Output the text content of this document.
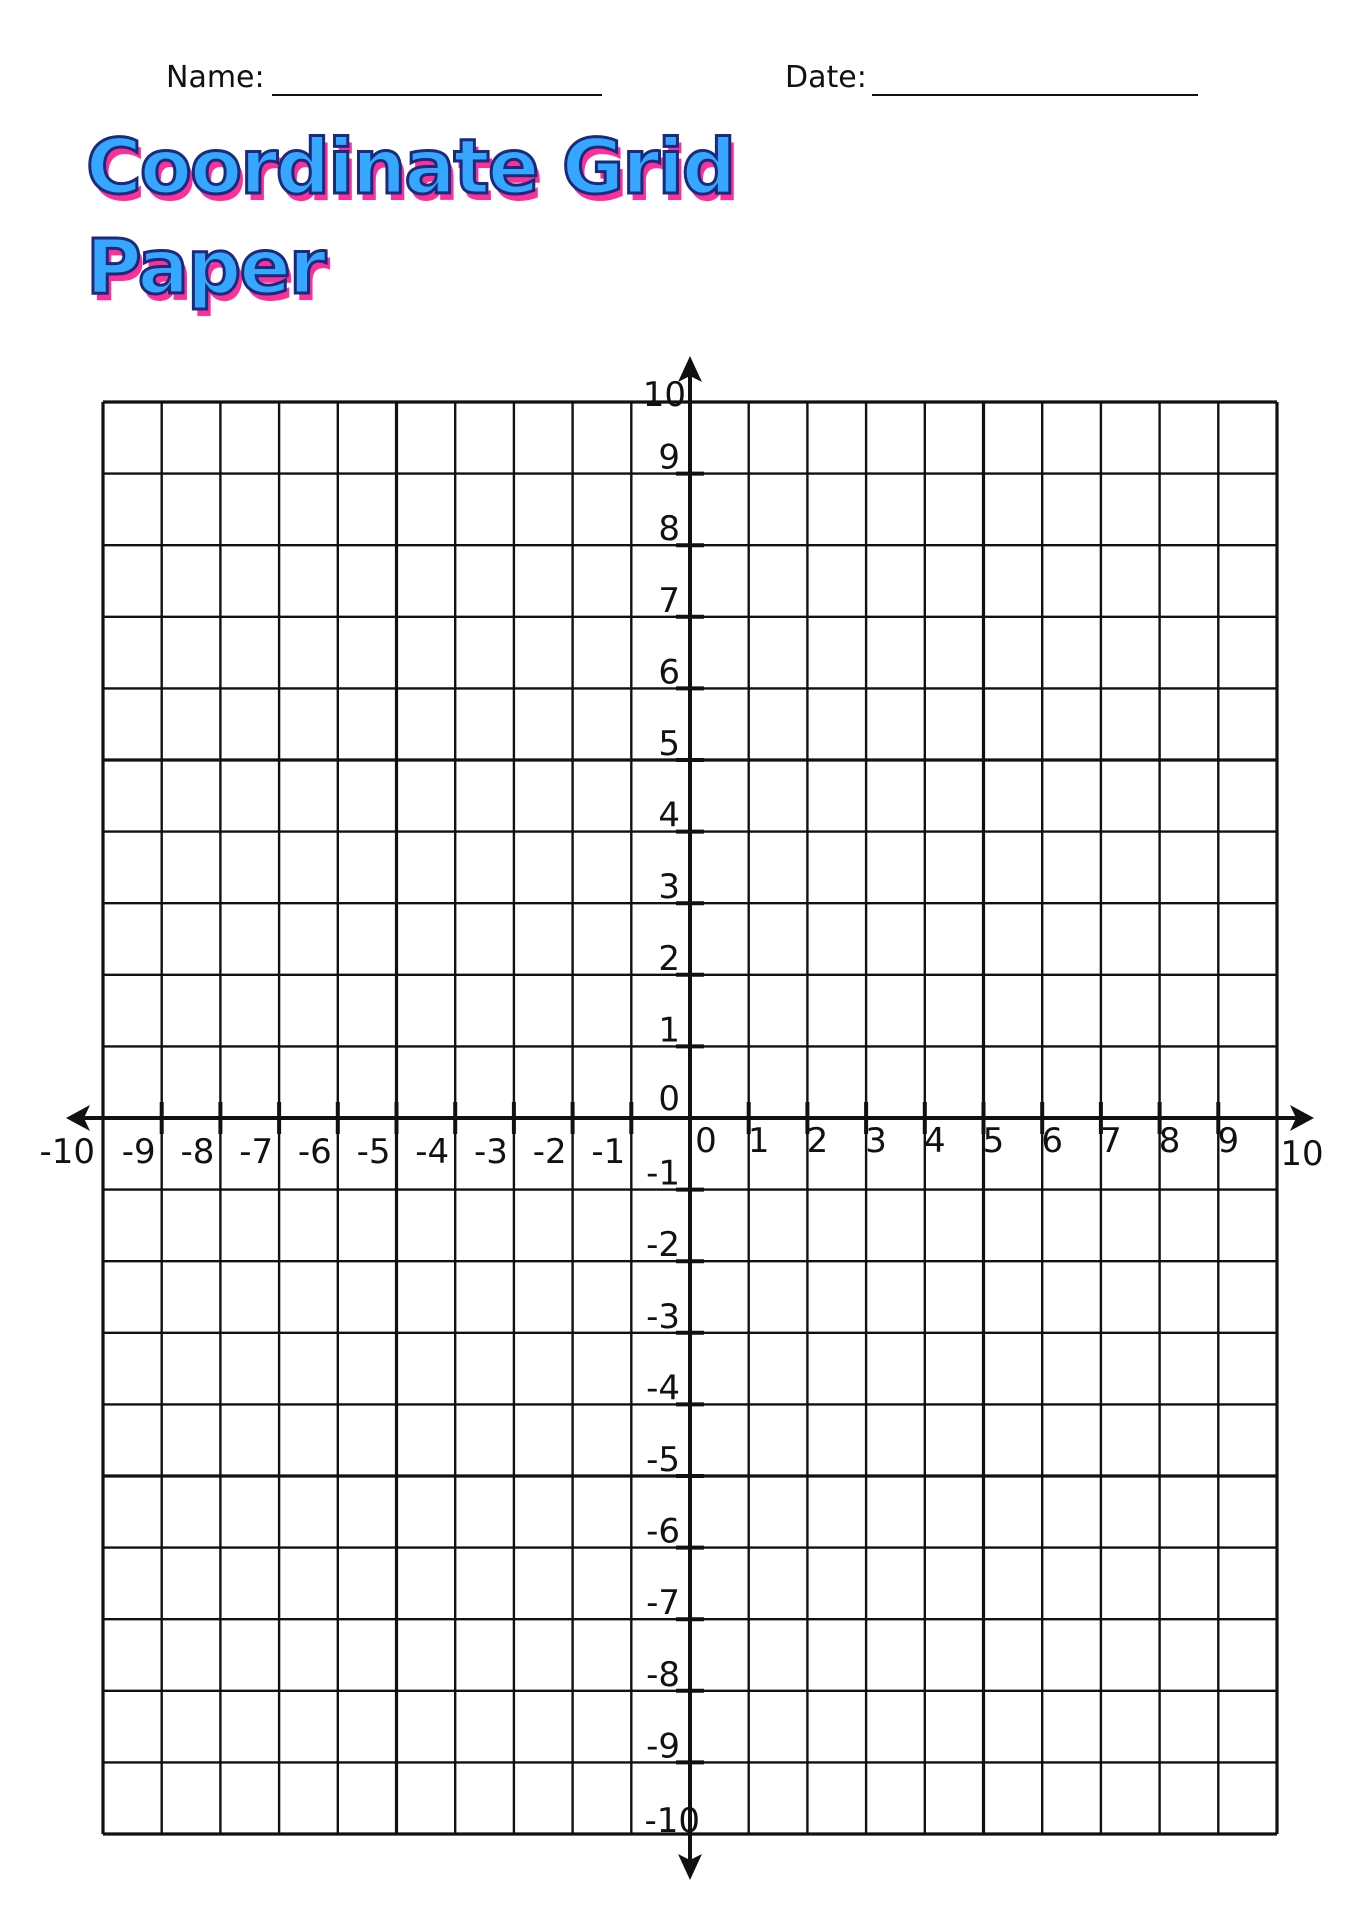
Name:	Date:
Coordinate Grid
Paper
-10 -9 -8 -7 -6 -5 -4 -3 -2 -1 0 1 2 3 4 5 6 7 8 9 10
10
9
8
7
6
5
4
3
2
1
0
-1
-2
-3
-4
-5
-6
-7
-8
-9
-10
